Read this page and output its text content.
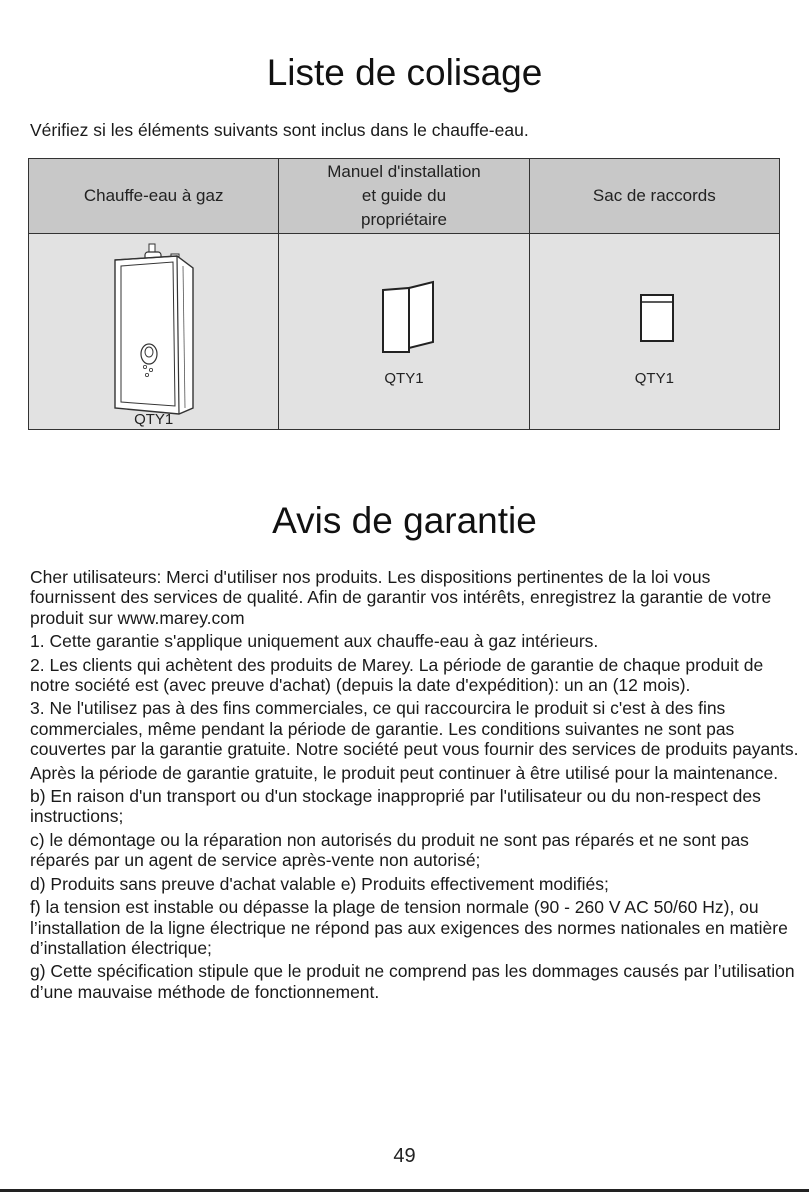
Liste de colisage
Vérifiez si les éléments suivants sont inclus dans le chauffe-eau.
Chauffe-eau à gaz	Manuel d'installation et guide du propriétaire	Sac de raccords

QTY1	QTY1	QTY1
Avis de garantie

Cher utilisateurs: Merci d'utiliser nos produits. Les dispositions pertinentes de la loi vous fournissent des services de qualité. Afin de garantir vos intérêts, enregistrez la garantie de votre produit sur www.marey.com

1. Cette garantie s'applique uniquement aux chauffe-eau à gaz intérieurs.

2. Les clients qui achètent des produits de Marey. La période de garantie de chaque produit de notre société est (avec preuve d'achat) (depuis la date d'expédition): un an (12 mois).

3. Ne l'utilisez pas à des fins commerciales, ce qui raccourcira le produit si c'est à des fins commerciales, même pendant la période de garantie. Les conditions suivantes ne sont pas couvertes par la garantie gratuite. Notre société peut vous fournir des services de produits payants.

Après la période de garantie gratuite, le produit peut continuer à être utilisé pour la maintenance.

b) En raison d'un transport ou d'un stockage inapproprié par l'utilisateur ou du non-respect des instructions;

c) le démontage ou la réparation non autorisés du produit ne sont pas réparés et ne sont pas réparés par un agent de service après-vente non autorisé;

d) Produits sans preuve d'achat valable e) Produits effectivement modifiés;

f) la tension est instable ou dépasse la plage de tension normale (90 - 260 V AC 50/60 Hz), ou l’installation de la ligne électrique ne répond pas aux exigences des normes nationales en matière d’installation électrique;

g) Cette spécification stipule que le produit ne comprend pas les dommages causés par l’utilisation d’une mauvaise méthode de fonctionnement.

49
